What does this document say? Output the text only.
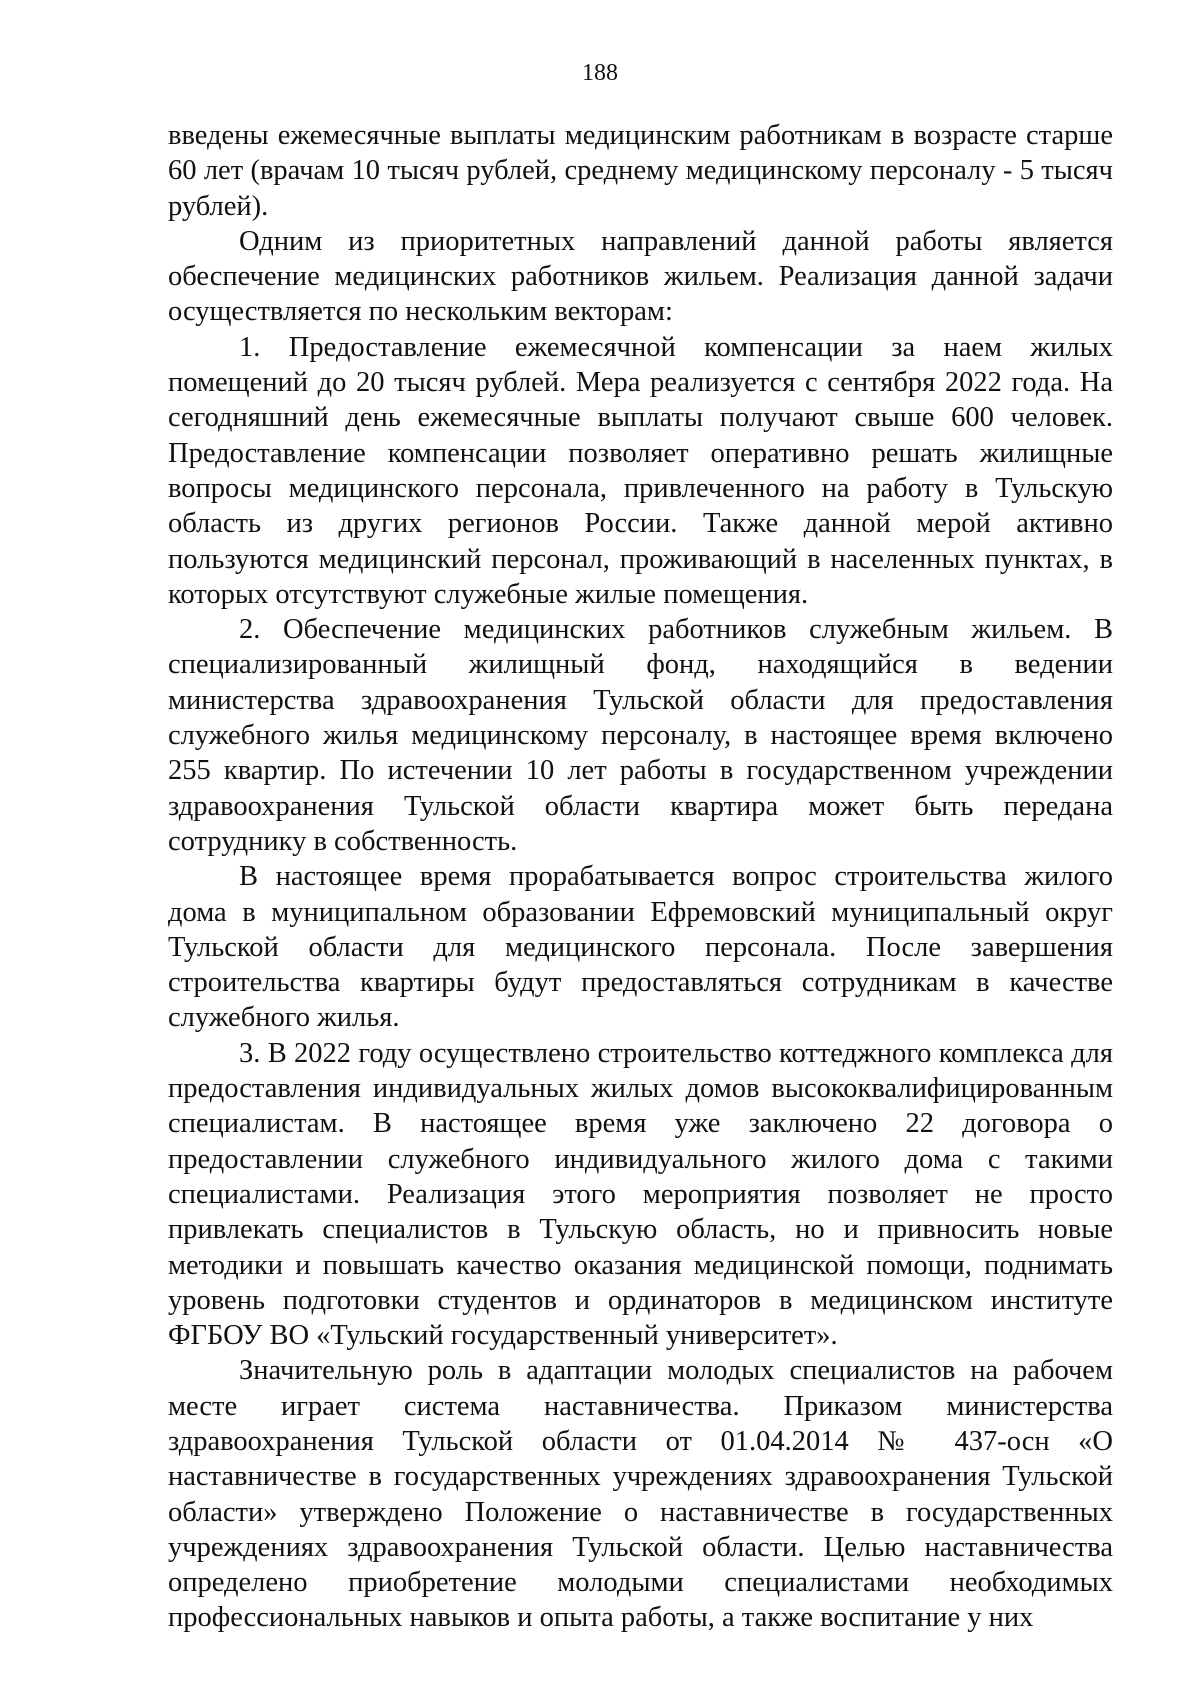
188

введены ежемесячные выплаты медицинским работникам в возрасте старше 60 лет (врачам 10 тысяч рублей, среднему медицинскому персоналу - 5 тысяч рублей).

Одним из приоритетных направлений данной работы является обеспечение медицинских работников жильем. Реализация данной задачи осуществляется по нескольким векторам:

1. Предоставление ежемесячной компенсации за наем жилых помещений до 20 тысяч рублей. Мера реализуется с сентября 2022 года. На сегодняшний день ежемесячные выплаты получают свыше 600 человек. Предоставление компенсации позволяет оперативно решать жилищные вопросы медицинского персонала, привлеченного на работу в Тульскую область из других регионов России. Также данной мерой активно пользуются медицинский персонал, проживающий в населенных пунктах, в которых отсутствуют служебные жилые помещения.

2. Обеспечение медицинских работников служебным жильем. В специализированный жилищный фонд, находящийся в ведении министерства здравоохранения Тульской области для предоставления служебного жилья медицинскому персоналу, в настоящее время включено 255 квартир. По истечении 10 лет работы в государственном учреждении здравоохранения Тульской области квартира может быть передана сотруднику в собственность.

В настоящее время прорабатывается вопрос строительства жилого дома в муниципальном образовании Ефремовский муниципальный округ Тульской области для медицинского персонала. После завершения строительства квартиры будут предоставляться сотрудникам в качестве служебного жилья.

3. В 2022 году осуществлено строительство коттеджного комплекса для предоставления индивидуальных жилых домов высококвалифицированным специалистам. В настоящее время уже заключено 22 договора о предоставлении служебного индивидуального жилого дома с такими специалистами. Реализация этого мероприятия позволяет не просто привлекать специалистов в Тульскую область, но и привносить новые методики и повышать качество оказания медицинской помощи, поднимать уровень подготовки студентов и ординаторов в медицинском институте ФГБОУ ВО «Тульский государственный университет».

Значительную роль в адаптации молодых специалистов на рабочем месте играет система наставничества. Приказом министерства здравоохранения Тульской области от 01.04.2014 № 437-осн «О наставничестве в государственных учреждениях здравоохранения Тульской области» утверждено Положение о наставничестве в государственных учреждениях здравоохранения Тульской области. Целью наставничества определено приобретение молодыми специалистами необходимых профессиональных навыков и опыта работы, а также воспитание у них
